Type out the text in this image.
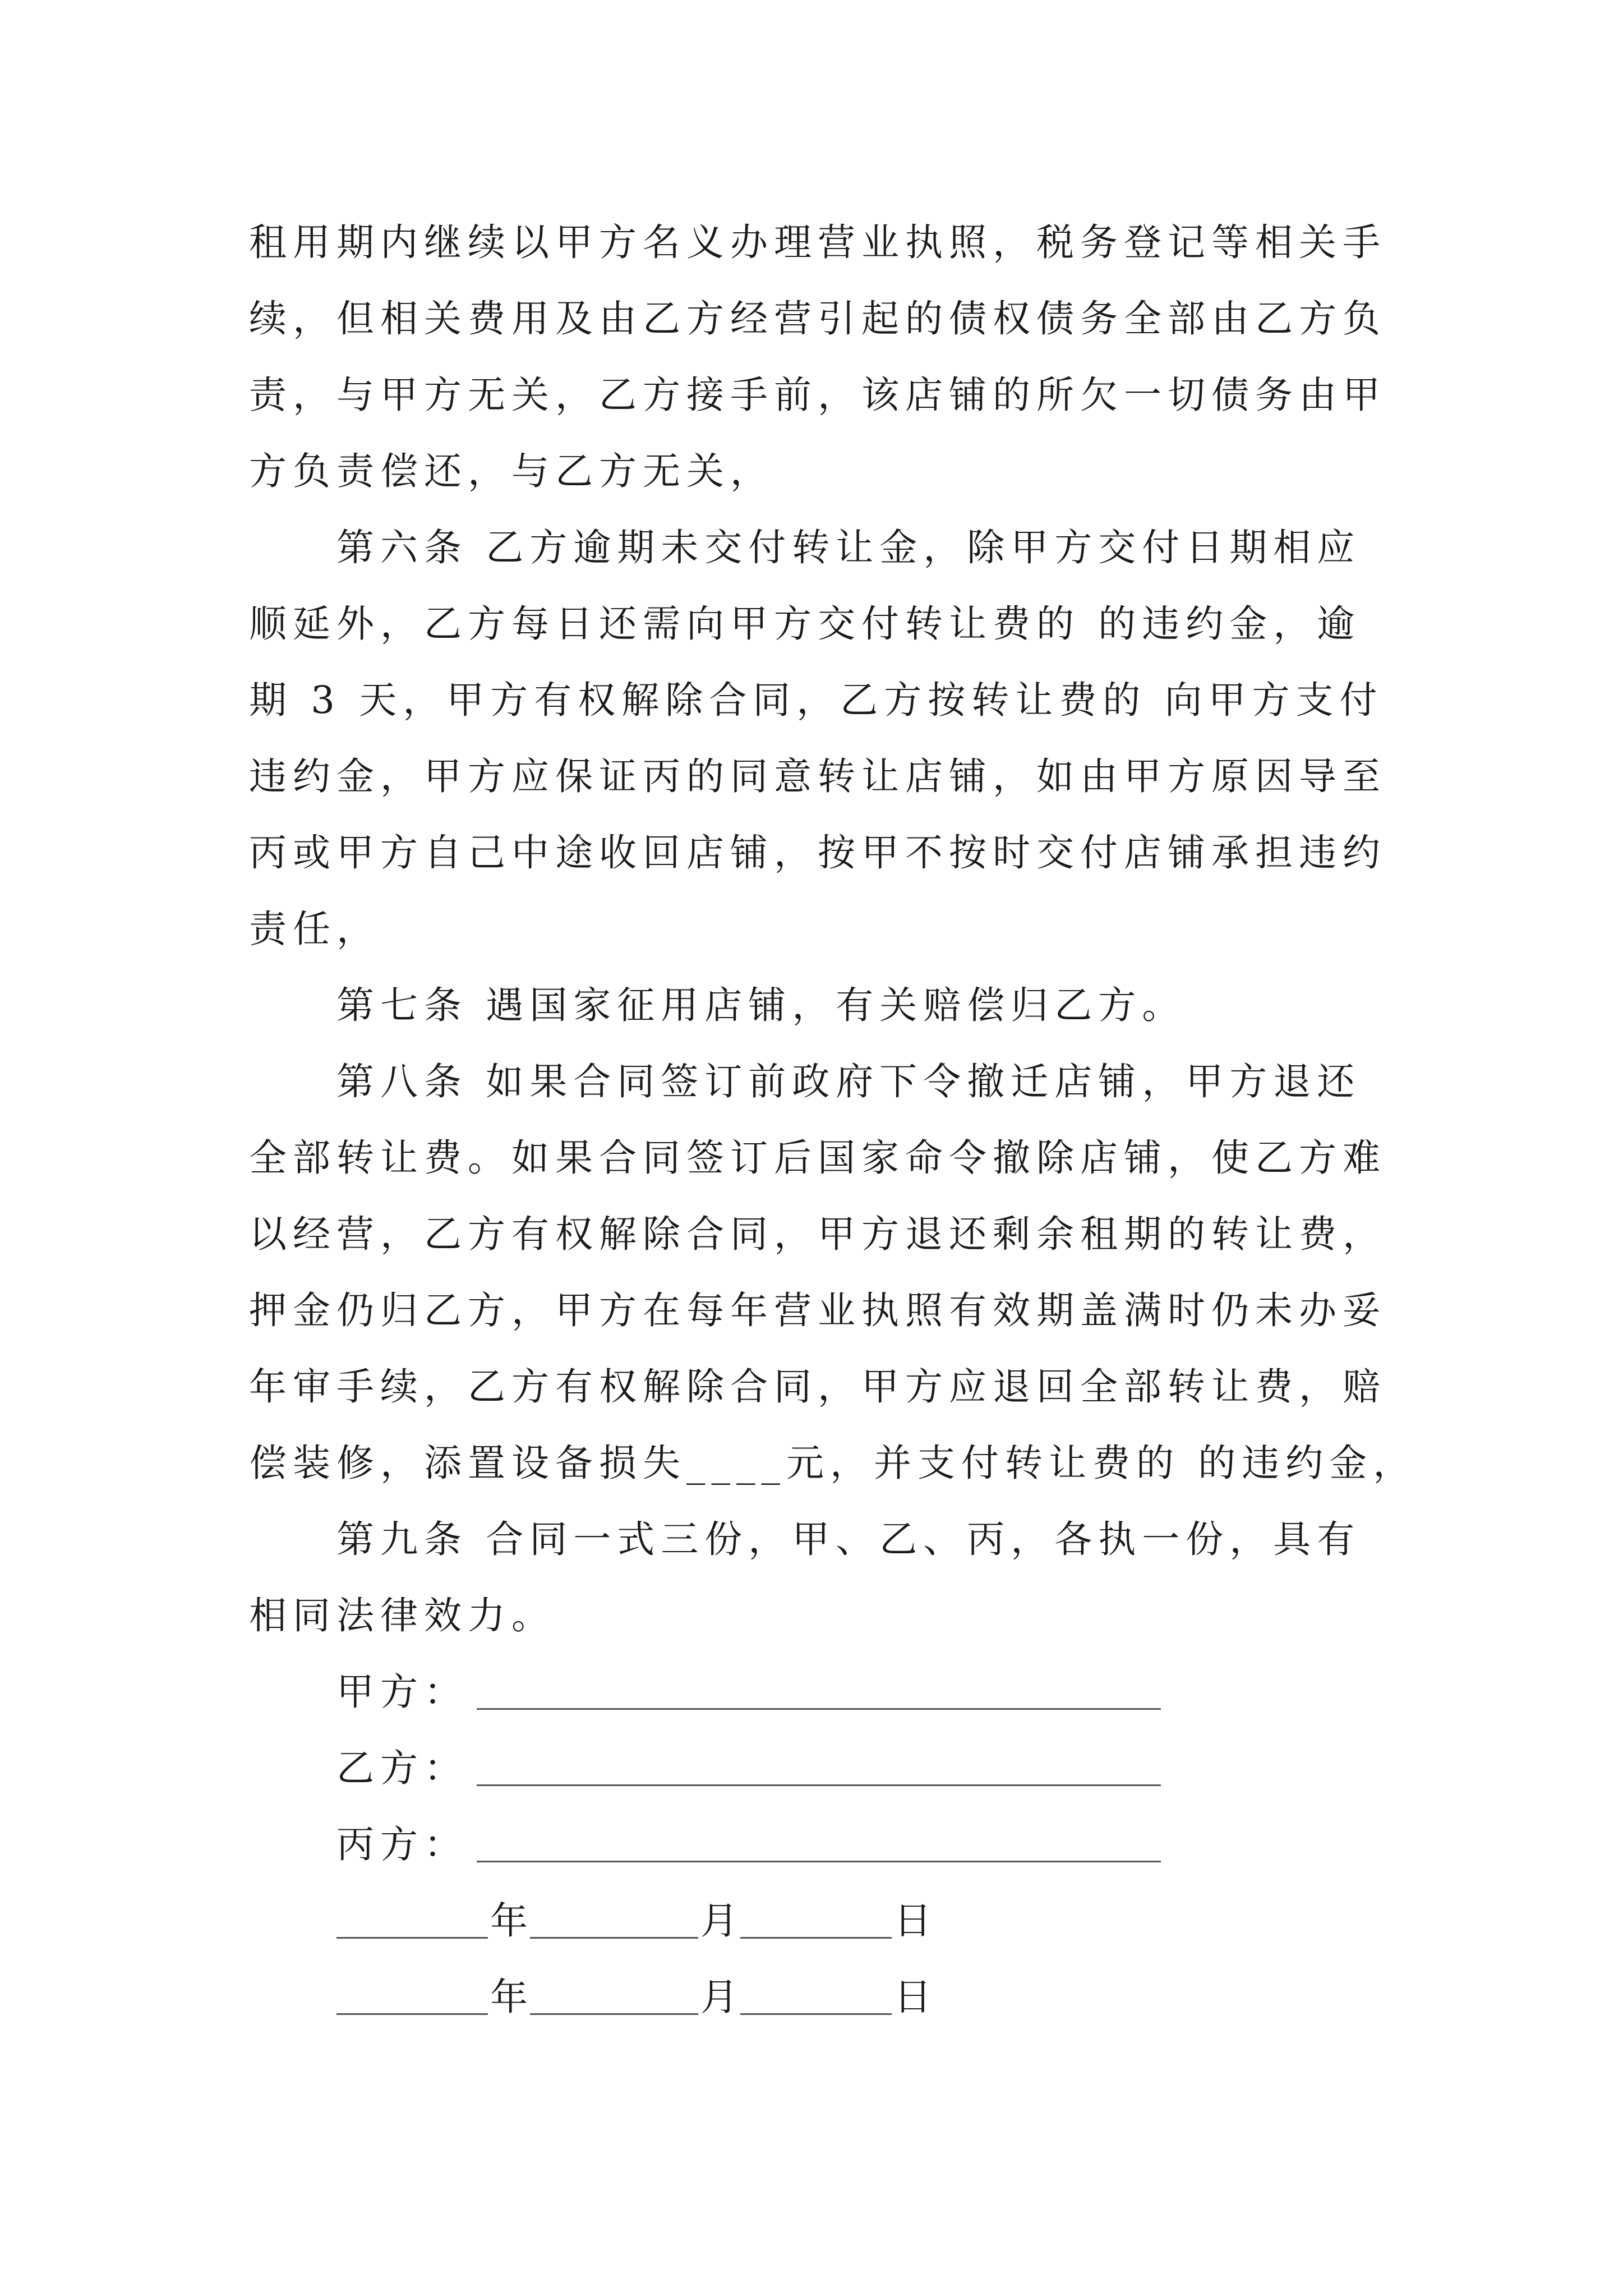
租用期内继续以甲方名义办理营业执照，税务登记等相关手
续，但相关费用及由乙方经营引起的债权债务全部由乙方负
责，与甲方无关，乙方接手前，该店铺的所欠一切债务由甲
方负责偿还，与乙方无关，
第六条 乙方逾期未交付转让金，除甲方交付日期相应
顺延外，乙方每日还需向甲方交付转让费的 的违约金，逾
期 3 天，甲方有权解除合同，乙方按转让费的 向甲方支付
违约金，甲方应保证丙的同意转让店铺，如由甲方原因导至
丙或甲方自己中途收回店铺，按甲不按时交付店铺承担违约
责任，
第七条 遇国家征用店铺，有关赔偿归乙方。
第八条 如果合同签订前政府下令撤迁店铺，甲方退还
全部转让费。如果合同签订后国家命令撤除店铺，使乙方难
以经营，乙方有权解除合同，甲方退还剩余租期的转让费，
押金仍归乙方，甲方在每年营业执照有效期盖满时仍未办妥
年审手续，乙方有权解除合同，甲方应退回全部转让费，赔
偿装修，添置设备损失____元，并支付转让费的 的违约金，
第九条 合同一式三份，甲、乙、丙，各执一份，具有
相同法律效力。
甲方：
乙方：
丙方：
年	月	日
年	月	日
